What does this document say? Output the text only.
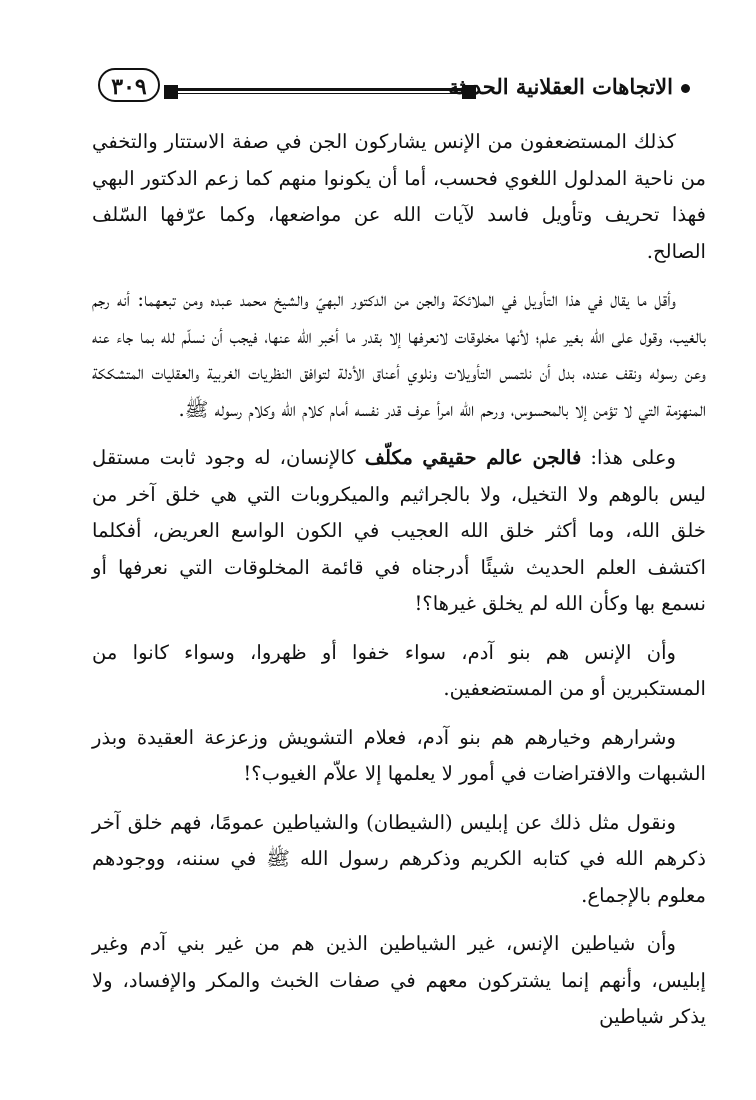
٣٠٩	الاتجاهات العقلانية الحديثة

كذلك المستضعفون من الإنس يشاركون الجن في صفة الاستتار والتخفي من ناحية المدلول اللغوي فحسب، أما أن يكونوا منهم كما زعم الدكتور البهي فهذا تحريف وتأويل فاسد لآيات الله عن مواضعها، وكما عرّفها السّلف الصالح.

وأقل ما يقال في هذا التأويل في الملائكة والجن من الدكتور البهيّ والشيخ محمد عبده ومن تبعهما: أنه رجم بالغيب، وقول على الله بغير علم؛ لأنها مخلوقات لانعرفها إلا بقدر ما أخبر الله عنها، فيجب أن نسلّم لله بما جاء عنه وعن رسوله ونقف عنده، بدل أن نلتمس التأويلات ونلوي أعناق الأدلة لتوافق النظريات الغربية والعقليات المتشككة المنهزمة التي لا تؤمن إلا بالمحسوس، ورحم الله امرأ عرف قدر نفسه أمام كلام الله وكلام رسوله ﷺ.

وعلى هذا: فالجن عالم حقيقي مكلّف كالإنسان، له وجود ثابت مستقل ليس بالوهم ولا التخيل، ولا بالجراثيم والميكروبات التي هي خلق آخر من خلق الله، وما أكثر خلق الله العجيب في الكون الواسع العريض، أفكلما اكتشف العلم الحديث شيئًا أدرجناه في قائمة المخلوقات التي نعرفها أو نسمع بها وكأن الله لم يخلق غيرها؟!

وأن الإنس هم بنو آدم، سواء خفوا أو ظهروا، وسواء كانوا من المستكبرين أو من المستضعفين.

وشرارهم وخيارهم هم بنو آدم، فعلام التشويش وزعزعة العقيدة وبذر الشبهات والافتراضات في أمور لا يعلمها إلا علاّم الغيوب؟!

ونقول مثل ذلك عن إبليس (الشيطان) والشياطين عمومًا، فهم خلق آخر ذكرهم الله في كتابه الكريم وذكرهم رسول الله ﷺ في سننه، ووجودهم معلوم بالإجماع.

وأن شياطين الإنس، غير الشياطين الذين هم من غير بني آدم وغير إبليس، وأنهم إنما يشتركون معهم في صفات الخبث والمكر والإفساد، ولا يذكر شياطين
